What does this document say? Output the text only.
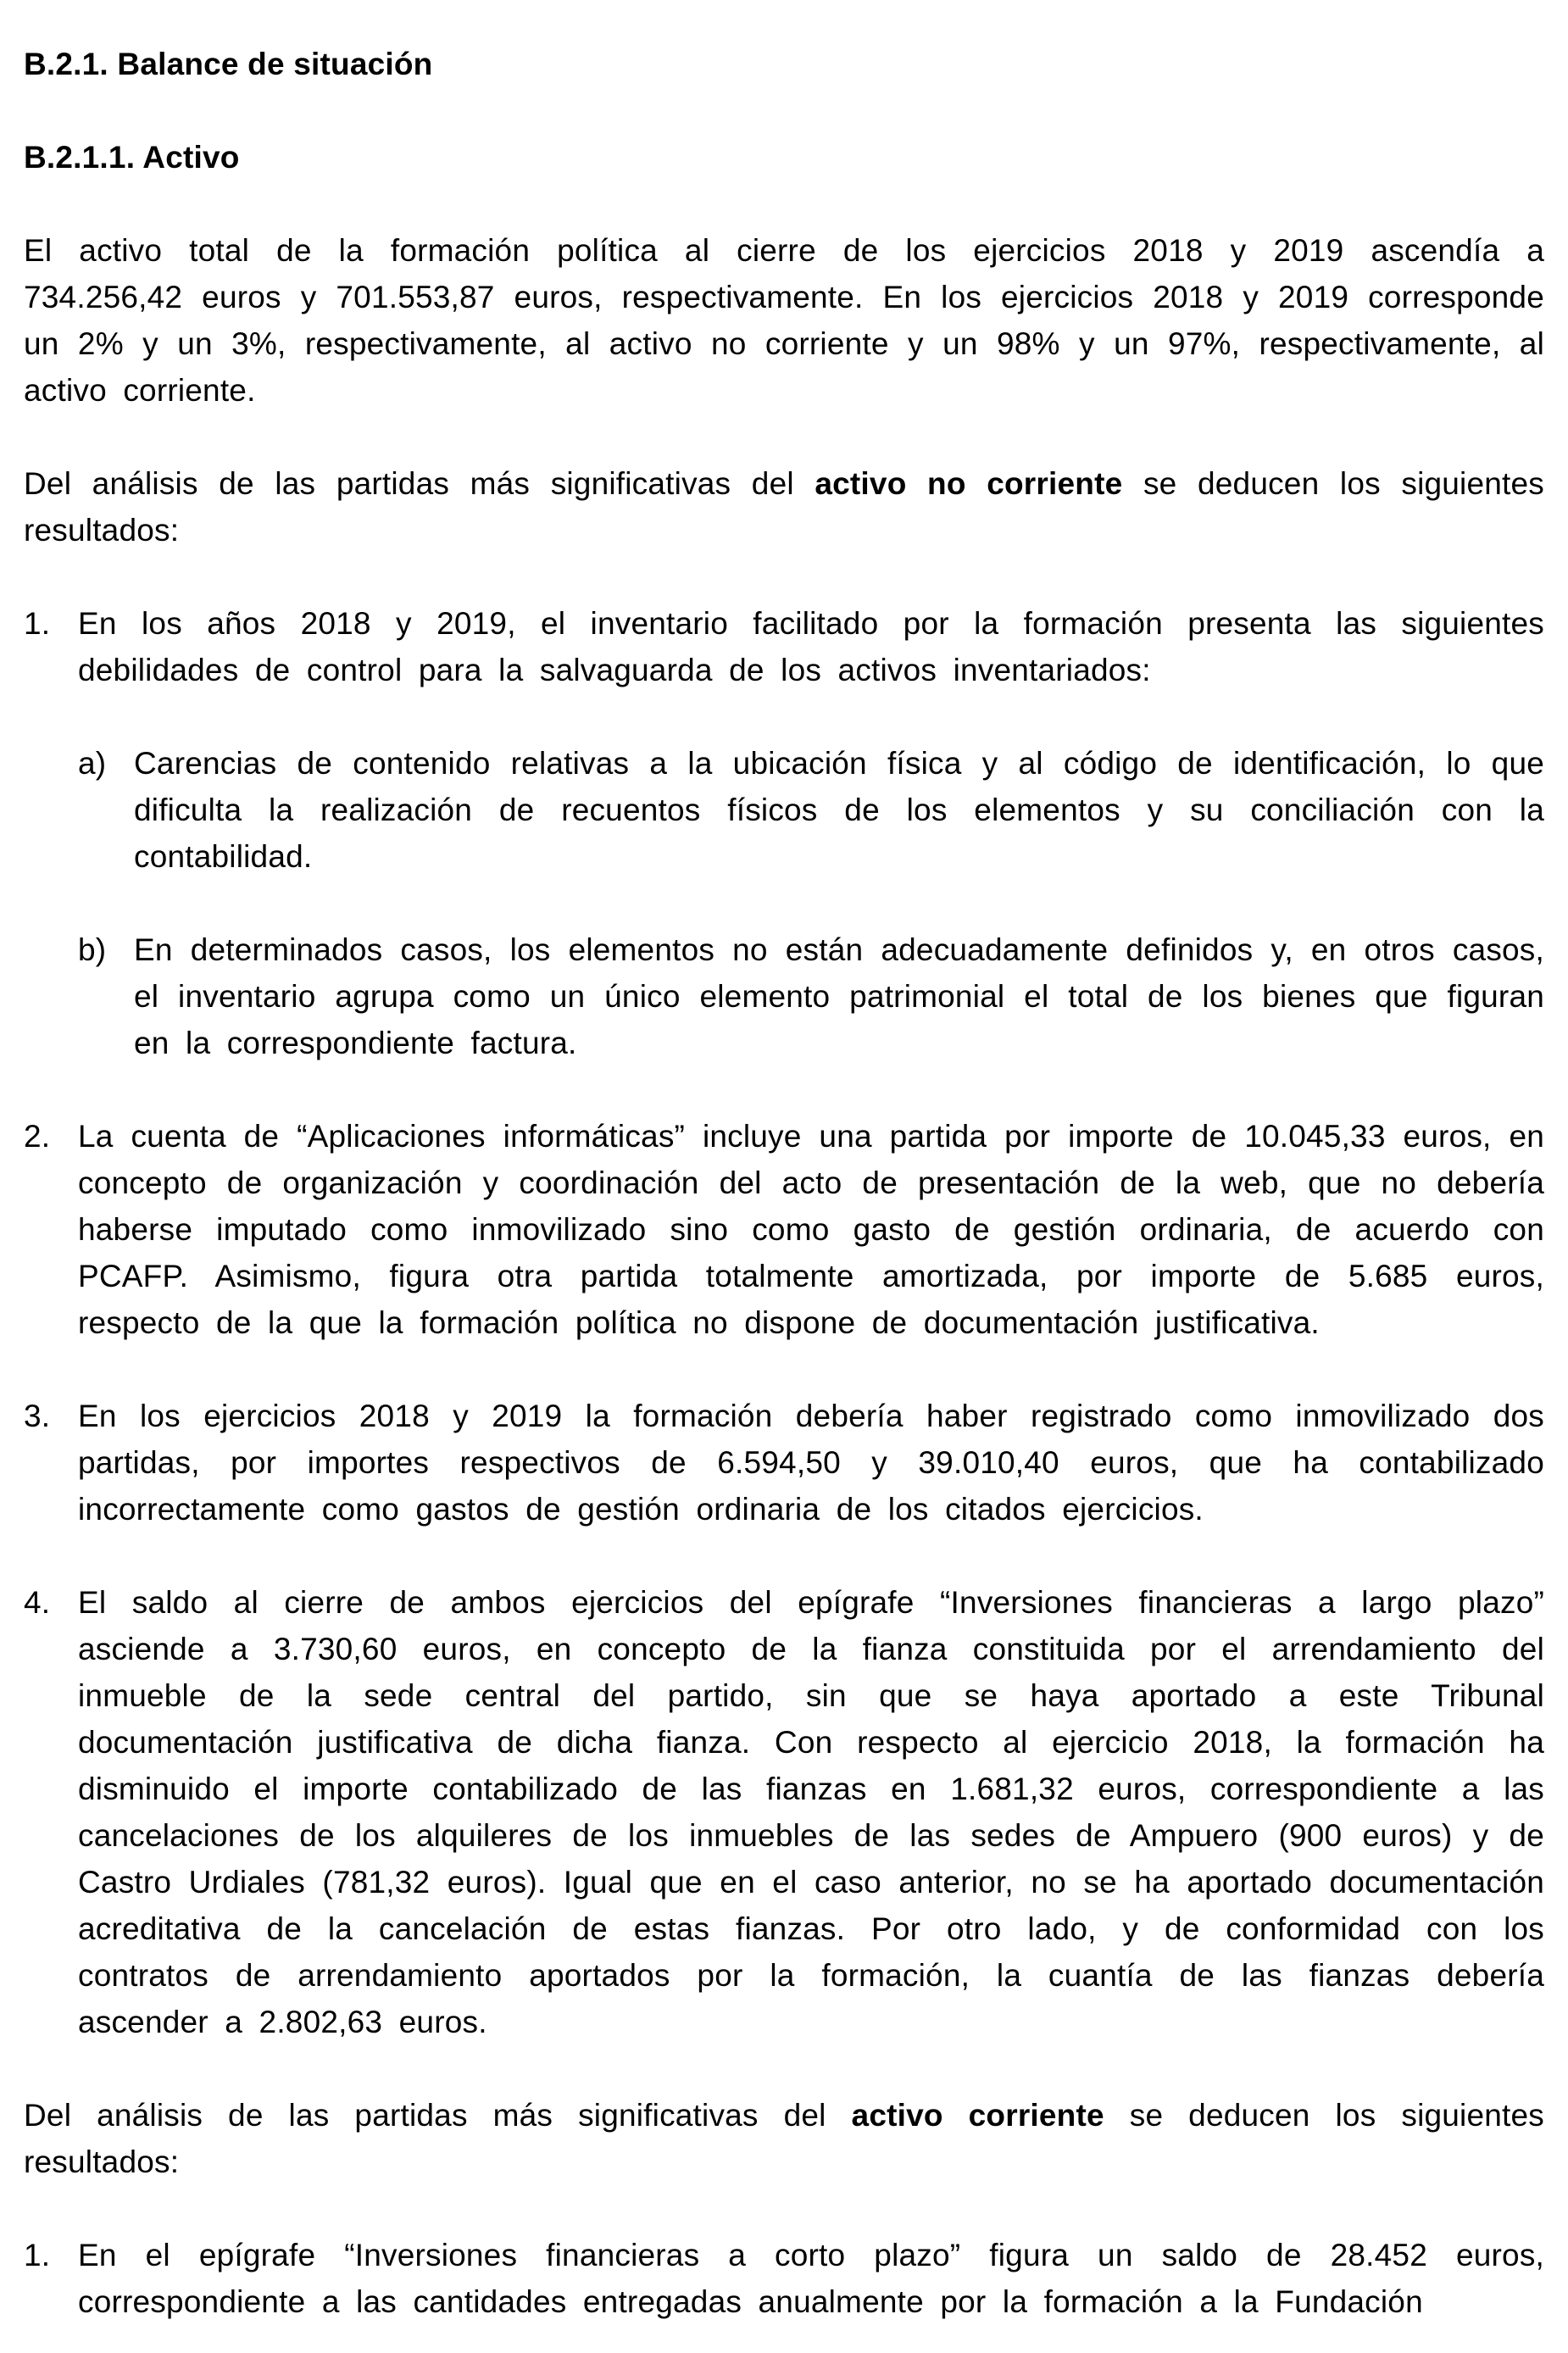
B.2.1. Balance de situación
B.2.1.1. Activo

El activo total de la formación política al cierre de los ejercicios 2018 y 2019 ascendía a 734.256,42 euros y 701.553,87 euros, respectivamente. En los ejercicios 2018 y 2019 corresponde un 2% y un 3%, respectivamente, al activo no corriente y un 98% y un 97%, respectivamente, al activo corriente.

Del análisis de las partidas más significativas del activo no corriente se deducen los siguientes resultados:

1. En los años 2018 y 2019, el inventario facilitado por la formación presenta las siguientes debilidades de control para la salvaguarda de los activos inventariados:
a) Carencias de contenido relativas a la ubicación física y al código de identificación, lo que dificulta la realización de recuentos físicos de los elementos y su conciliación con la contabilidad.
b) En determinados casos, los elementos no están adecuadamente definidos y, en otros casos, el inventario agrupa como un único elemento patrimonial el total de los bienes que figuran en la correspondiente factura.
2. La cuenta de “Aplicaciones informáticas” incluye una partida por importe de 10.045,33 euros, en concepto de organización y coordinación del acto de presentación de la web, que no debería haberse imputado como inmovilizado sino como gasto de gestión ordinaria, de acuerdo con PCAFP. Asimismo, figura otra partida totalmente amortizada, por importe de 5.685 euros, respecto de la que la formación política no dispone de documentación justificativa.
3. En los ejercicios 2018 y 2019 la formación debería haber registrado como inmovilizado dos partidas, por importes respectivos de 6.594,50 y 39.010,40 euros, que ha contabilizado incorrectamente como gastos de gestión ordinaria de los citados ejercicios.
4. El saldo al cierre de ambos ejercicios del epígrafe “Inversiones financieras a largo plazo” asciende a 3.730,60 euros, en concepto de la fianza constituida por el arrendamiento del inmueble de la sede central del partido, sin que se haya aportado a este Tribunal documentación justificativa de dicha fianza. Con respecto al ejercicio 2018, la formación ha disminuido el importe contabilizado de las fianzas en 1.681,32 euros, correspondiente a las cancelaciones de los alquileres de los inmuebles de las sedes de Ampuero (900 euros) y de Castro Urdiales (781,32 euros). Igual que en el caso anterior, no se ha aportado documentación acreditativa de la cancelación de estas fianzas. Por otro lado, y de conformidad con los contratos de arrendamiento aportados por la formación, la cuantía de las fianzas debería ascender a 2.802,63 euros.

Del análisis de las partidas más significativas del activo corriente se deducen los siguientes resultados:

1. En el epígrafe “Inversiones financieras a corto plazo” figura un saldo de 28.452 euros, correspondiente a las cantidades entregadas anualmente por la formación a la Fundación
